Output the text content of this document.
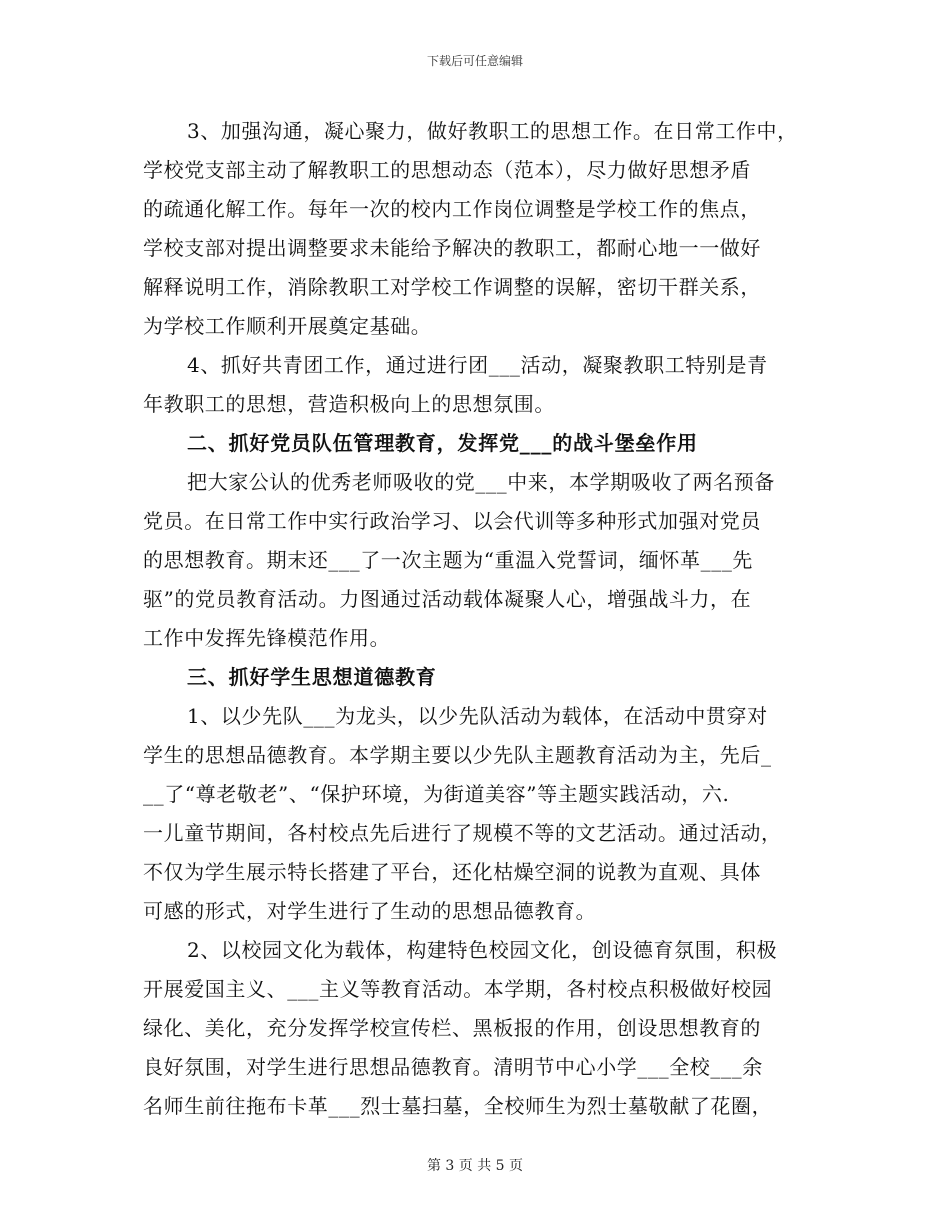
下载后可任意编辑
3、加强沟通，凝心聚力，做好教职工的思想工作。在日常工作中，
学校党支部主动了解教职工的思想动态（范本），尽力做好思想矛盾
的疏通化解工作。每年一次的校内工作岗位调整是学校工作的焦点，
学校支部对提出调整要求未能给予解决的教职工，都耐心地一一做好
解释说明工作，消除教职工对学校工作调整的误解，密切干群关系，
为学校工作顺利开展奠定基础。
4、抓好共青团工作，通过进行团___活动，凝聚教职工特别是青
年教职工的思想，营造积极向上的思想氛围。
二、抓好党员队伍管理教育，发挥党___的战斗堡垒作用
把大家公认的优秀老师吸收的党___中来，本学期吸收了两名预备
党员。在日常工作中实行政治学习、以会代训等多种形式加强对党员
的思想教育。期末还___了一次主题为“重温入党誓词，缅怀革___先
驱”的党员教育活动。力图通过活动载体凝聚人心，增强战斗力，在
工作中发挥先锋模范作用。
三、抓好学生思想道德教育
1、以少先队___为龙头，以少先队活动为载体，在活动中贯穿对
学生的思想品德教育。本学期主要以少先队主题教育活动为主，先后_
__了“尊老敬老”、“保护环境，为街道美容”等主题实践活动，六.
一儿童节期间，各村校点先后进行了规模不等的文艺活动。通过活动，
不仅为学生展示特长搭建了平台，还化枯燥空洞的说教为直观、具体
可感的形式，对学生进行了生动的思想品德教育。
2、以校园文化为载体，构建特色校园文化，创设德育氛围，积极
开展爱国主义、___主义等教育活动。本学期，各村校点积极做好校园
绿化、美化，充分发挥学校宣传栏、黑板报的作用，创设思想教育的
良好氛围，对学生进行思想品德教育。清明节中心小学___全校___余
名师生前往拖布卡革___烈士墓扫墓，全校师生为烈士墓敬献了花圈，
第 3 页 共 5 页
